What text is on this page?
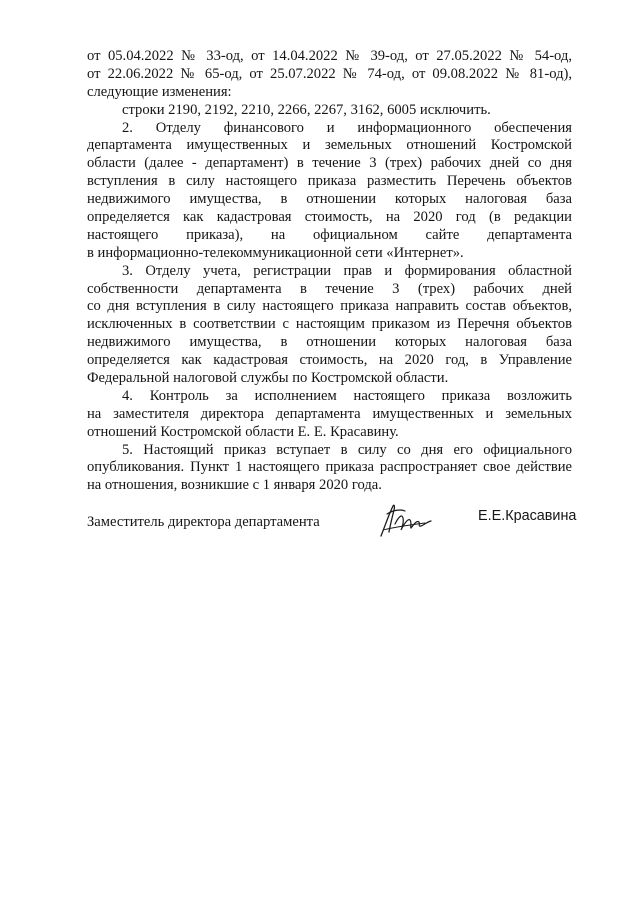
от 05.04.2022 № 33-од, от 14.04.2022 № 39-од, от 27.05.2022 № 54-од,
от 22.06.2022 № 65-од, от 25.07.2022 № 74-од, от 09.08.2022 № 81-од),
следующие изменения:
строки 2190, 2192, 2210, 2266, 2267, 3162, 6005 исключить.
2. Отделу финансового и информационного обеспечения
департамента имущественных и земельных отношений Костромской
области (далее - департамент) в течение 3 (трех) рабочих дней со дня
вступления в силу настоящего приказа разместить Перечень объектов
недвижимого имущества, в отношении которых налоговая база
определяется как кадастровая стоимость, на 2020 год (в редакции
настоящего приказа), на официальном сайте департамента
в информационно-телекоммуникационной сети «Интернет».
3. Отделу учета, регистрации прав и формирования областной
собственности департамента в течение 3 (трех) рабочих дней
со дня вступления в силу настоящего приказа направить состав объектов,
исключенных в соответствии с настоящим приказом из Перечня объектов
недвижимого имущества, в отношении которых налоговая база
определяется как кадастровая стоимость, на 2020 год, в Управление
Федеральной налоговой службы по Костромской области.
4. Контроль за исполнением настоящего приказа возложить
на заместителя директора департамента имущественных и земельных
отношений Костромской области Е. Е. Красавину.
5. Настоящий приказ вступает в силу со дня его официального
опубликования. Пункт 1 настоящего приказа распространяет свое действие
на отношения, возникшие с 1 января 2020 года.
Заместитель директора департамента	Е.Е.Красавина
